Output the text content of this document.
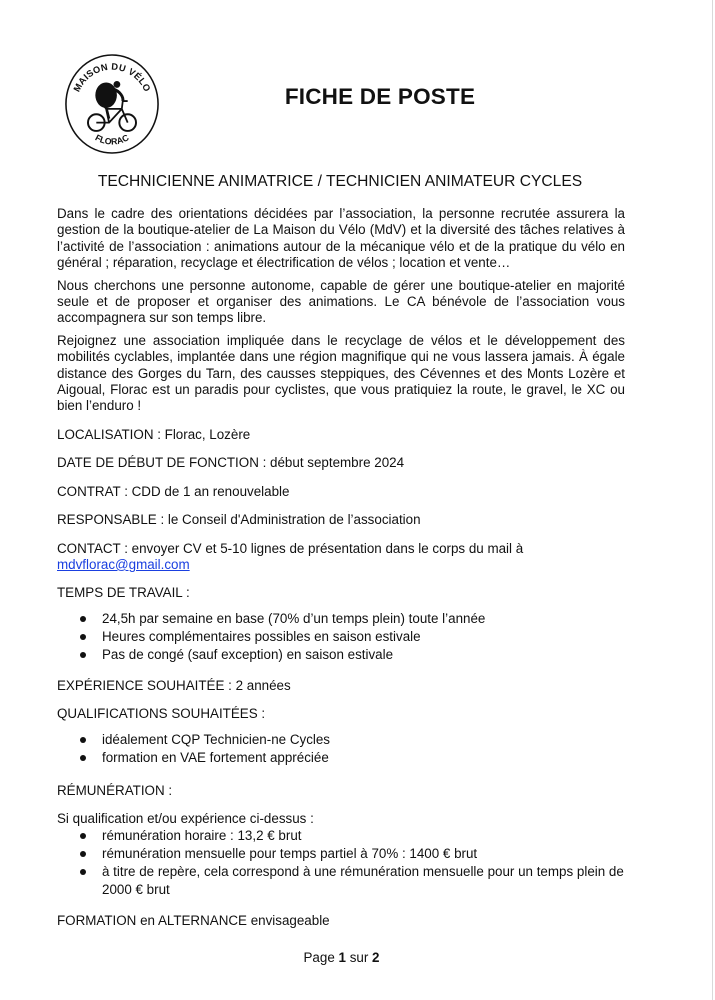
MAISON DU VÉLO
FLORAC
FICHE DE POSTE
TECHNICIENNE ANIMATRICE / TECHNICIEN ANIMATEUR CYCLES

Dans le cadre des orientations décidées par l’association, la personne recrutée assurera la gestion de la boutique-atelier de La Maison du Vélo (MdV) et la diversité des tâches relatives à l’activité de l’association : animations autour de la mécanique vélo et de la pratique du vélo en général ; réparation, recyclage et électrification de vélos ; location et vente…

Nous cherchons une personne autonome, capable de gérer une boutique-atelier en majorité seule et de proposer et organiser des animations. Le CA bénévole de l’association vous accompagnera sur son temps libre.

Rejoignez une association impliquée dans le recyclage de vélos et le développement des mobilités cyclables, implantée dans une région magnifique qui ne vous lassera jamais. À égale distance des Gorges du Tarn, des causses steppiques, des Cévennes et des Monts Lozère et Aigoual, Florac est un paradis pour cyclistes, que vous pratiquiez la route, le gravel, le XC ou bien l’enduro !

LOCALISATION : Florac, Lozère
DATE DE DÉBUT DE FONCTION : début septembre 2024
CONTRAT : CDD de 1 an renouvelable
RESPONSABLE : le Conseil d'Administration de l’association
CONTACT : envoyer CV et 5-10 lignes de présentation dans le corps du mail à
mdvflorac@gmail.com
TEMPS DE TRAVAIL :
24,5h par semaine en base (70% d’un temps plein) toute l’année
Heures complémentaires possibles en saison estivale
Pas de congé (sauf exception) en saison estivale
EXPÉRIENCE SOUHAITÉE : 2 années
QUALIFICATIONS SOUHAITÉES :
idéalement CQP Technicien-ne Cycles
formation en VAE fortement appréciée
RÉMUNÉRATION :
Si qualification et/ou expérience ci-dessus :
rémunération horaire : 13,2 € brut
rémunération mensuelle pour temps partiel à 70% : 1400 € brut
à titre de repère, cela correspond à une rémunération mensuelle pour un temps plein de 2000 € brut
FORMATION en ALTERNANCE envisageable
Page 1 sur 2
